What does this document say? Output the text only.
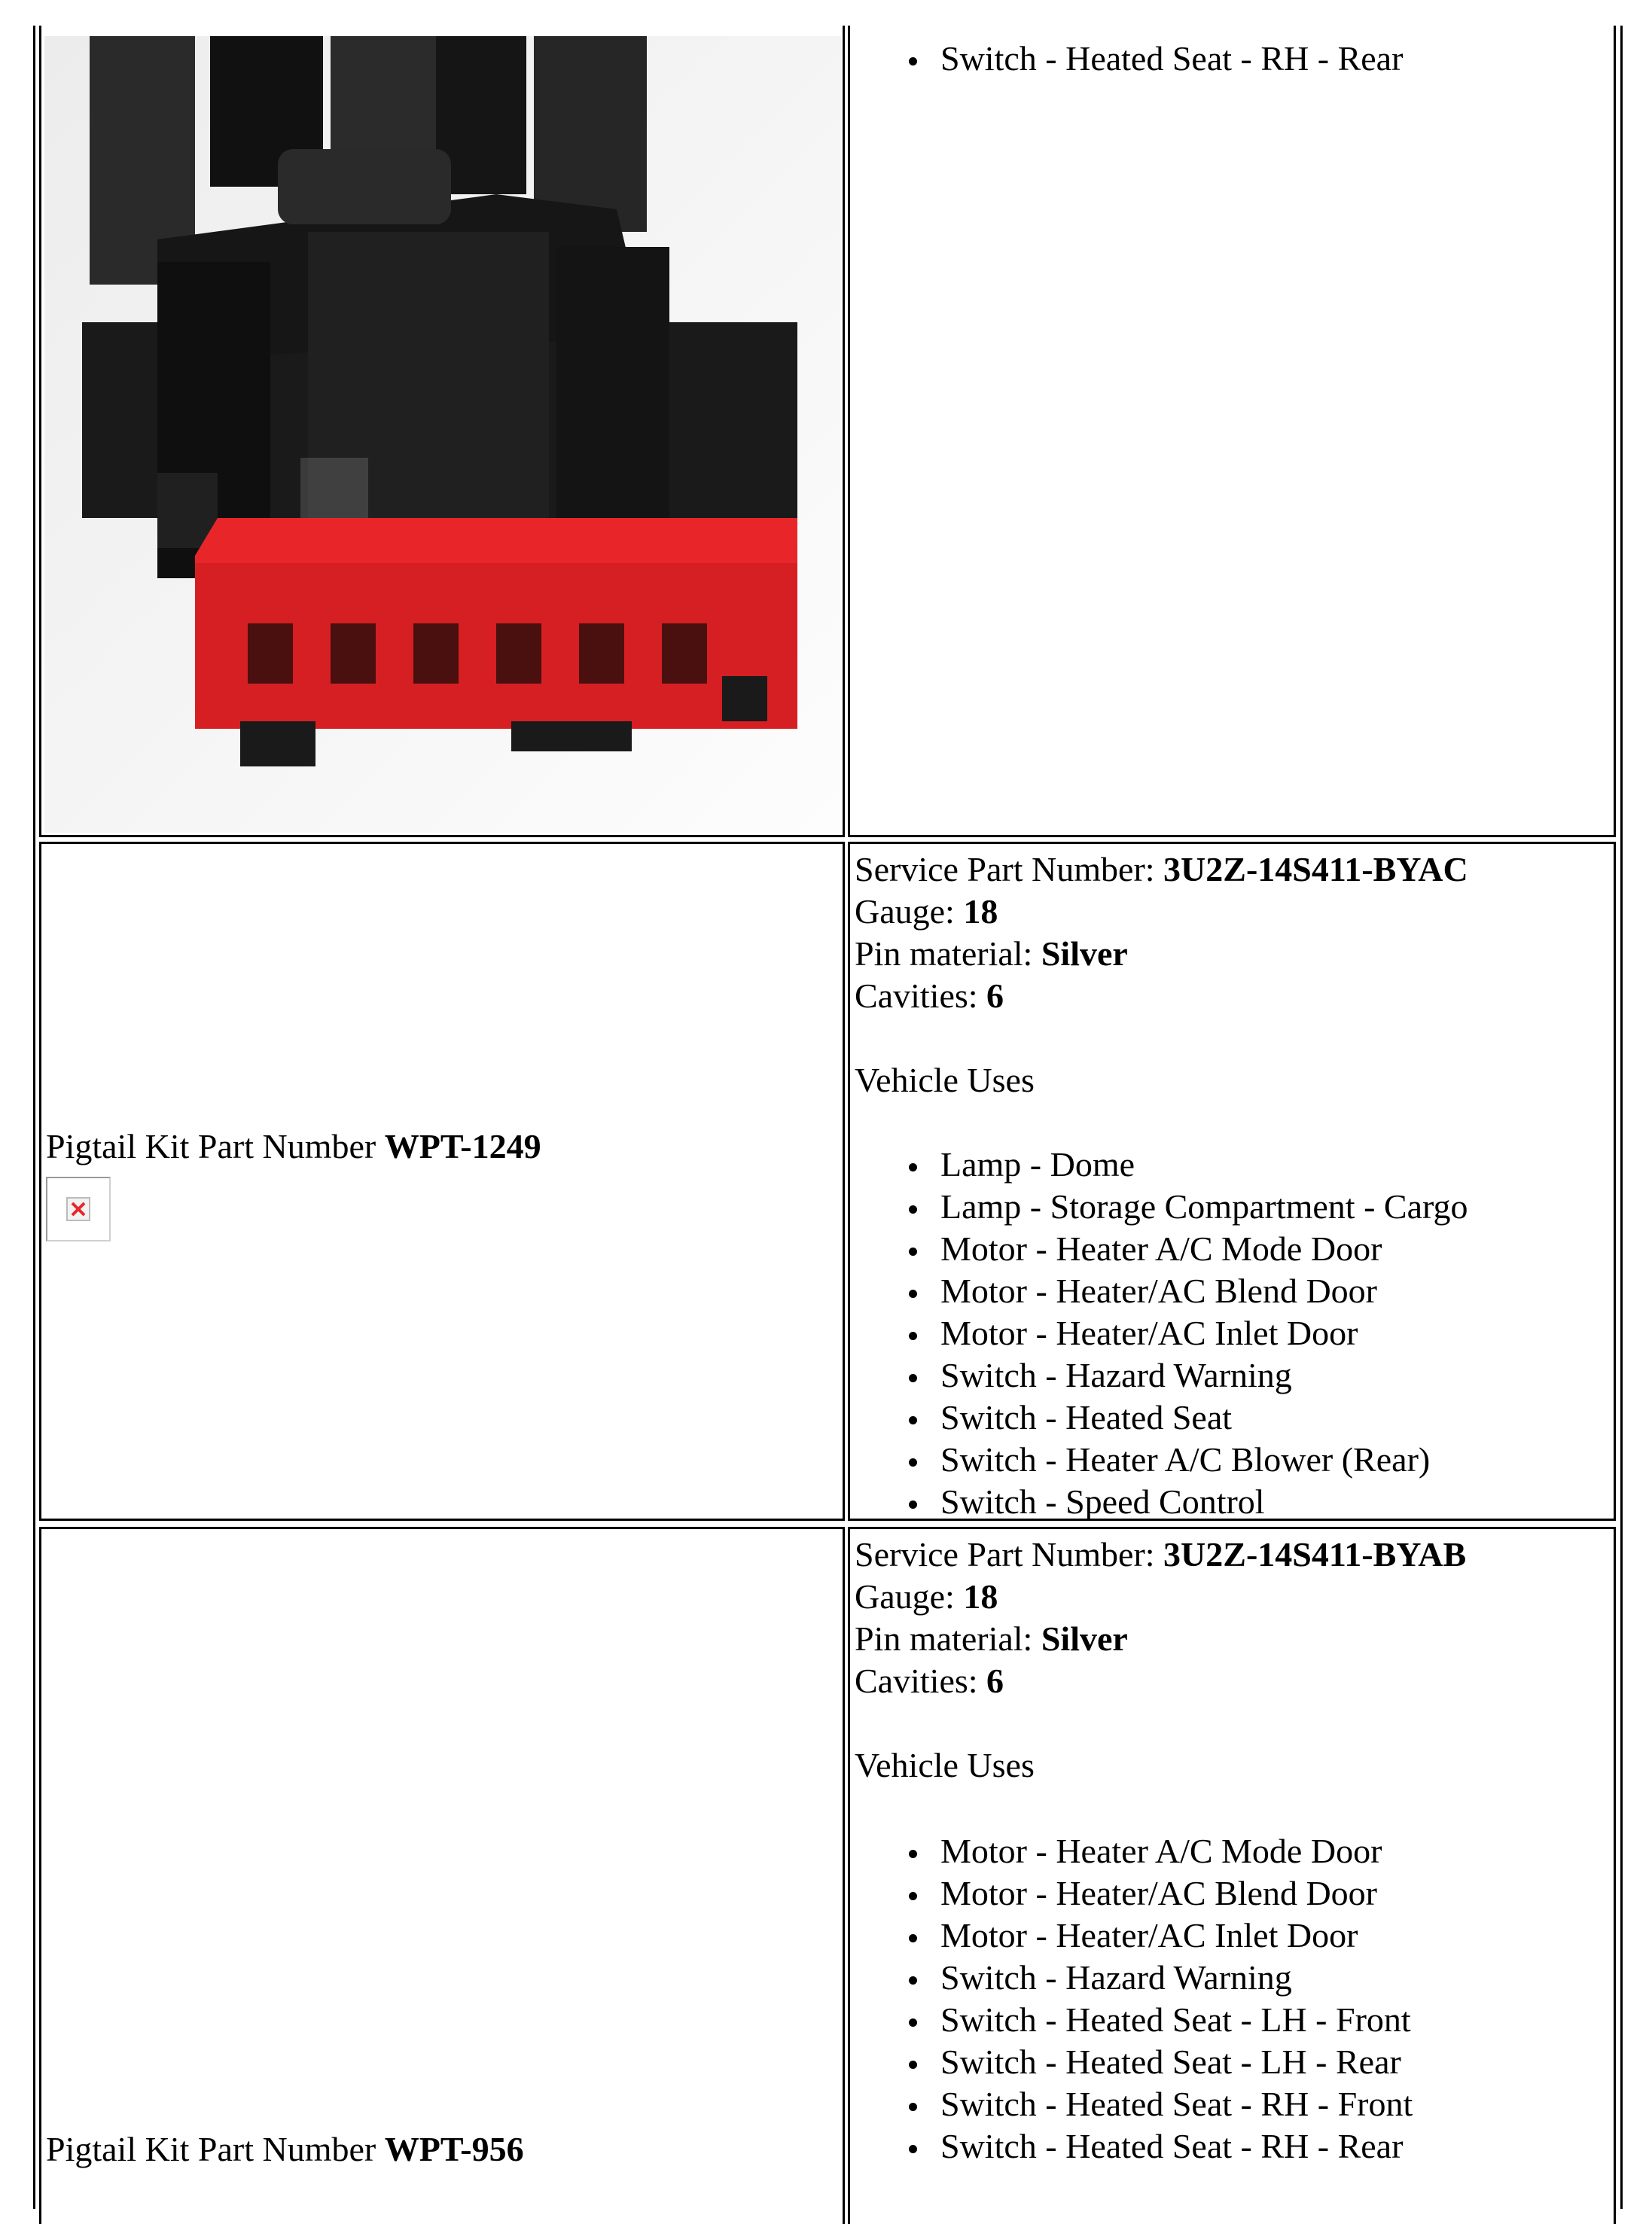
Switch - Heated Seat - RH - Rear
Pigtail Kit Part Number WPT-1249
Service Part Number: 3U2Z-14S411-BYAC
Gauge: 18
Pin material: Silver
Cavities: 6
Vehicle Uses
Lamp - Dome
Lamp - Storage Compartment - Cargo
Motor - Heater A/C Mode Door
Motor - Heater/AC Blend Door
Motor - Heater/AC Inlet Door
Switch - Hazard Warning
Switch - Heated Seat
Switch - Heater A/C Blower (Rear)
Switch - Speed Control
Pigtail Kit Part Number WPT-956
Service Part Number: 3U2Z-14S411-BYAB
Gauge: 18
Pin material: Silver
Cavities: 6
Vehicle Uses
Motor - Heater A/C Mode Door
Motor - Heater/AC Blend Door
Motor - Heater/AC Inlet Door
Switch - Hazard Warning
Switch - Heated Seat - LH - Front
Switch - Heated Seat - LH - Rear
Switch - Heated Seat - RH - Front
Switch - Heated Seat - RH - Rear
